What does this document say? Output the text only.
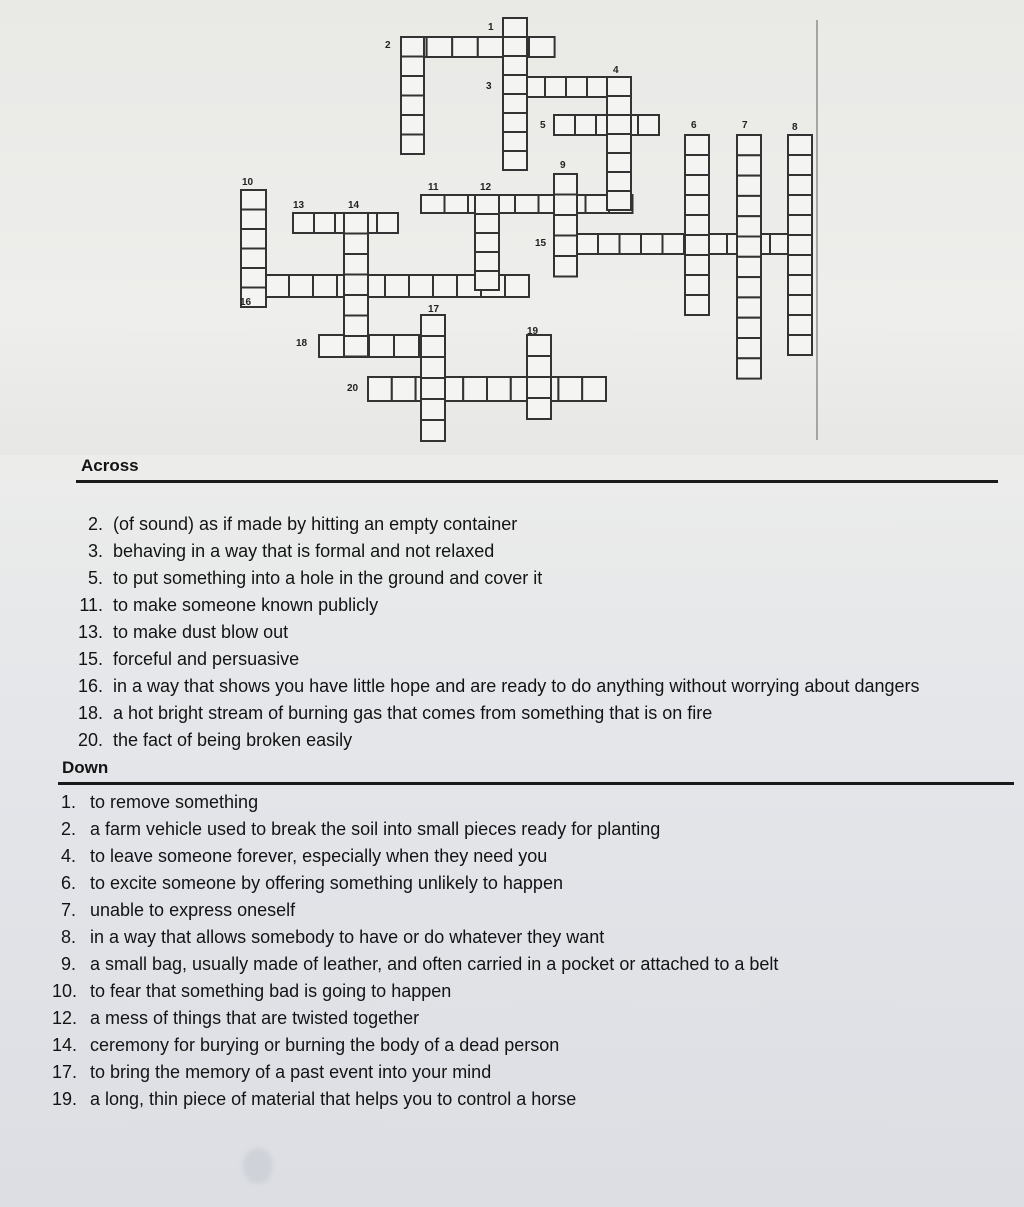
1
2
3
4
5	6	7	8
9
10	11	12
13	14
15
16
17
18
19
20
Across
2. (of sound) as if made by hitting an empty container
3. behaving in a way that is formal and not relaxed
5. to put something into a hole in the ground and cover it
11. to make someone known publicly
13. to make dust blow out
15. forceful and persuasive
16. in a way that shows you have little hope and are ready to do anything without worrying about dangers
18. a hot bright stream of burning gas that comes from something that is on fire
20. the fact of being broken easily
Down
1. to remove something
2. a farm vehicle used to break the soil into small pieces ready for planting
4. to leave someone forever, especially when they need you
6. to excite someone by offering something unlikely to happen
7. unable to express oneself
8. in a way that allows somebody to have or do whatever they want
9. a small bag, usually made of leather, and often carried in a pocket or attached to a belt
10. to fear that something bad is going to happen
12. a mess of things that are twisted together
14. ceremony for burying or burning the body of a dead person
17. to bring the memory of a past event into your mind
19. a long, thin piece of material that helps you to control a horse
